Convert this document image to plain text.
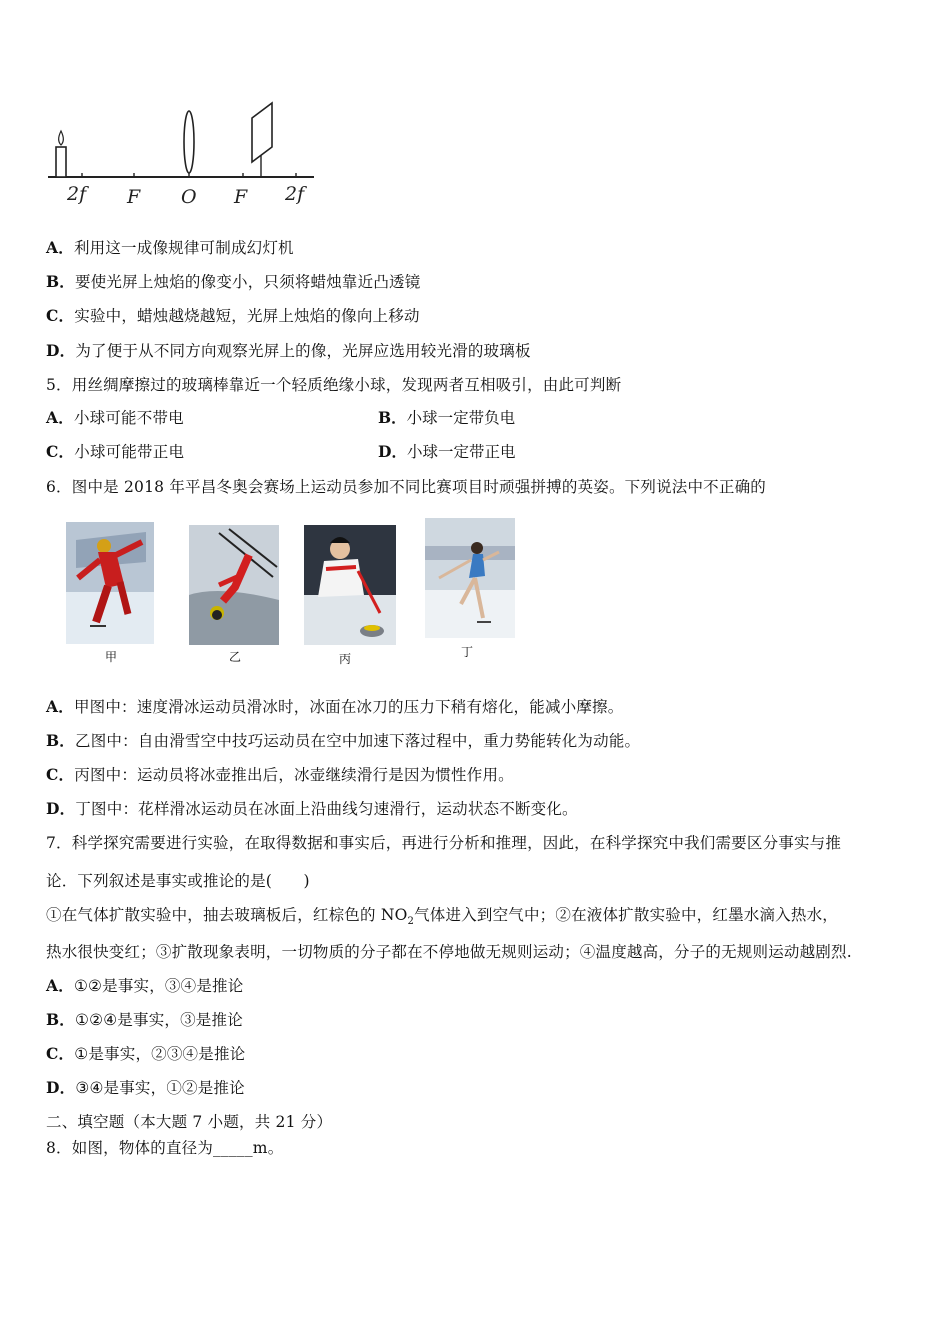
2f F O F 2f
A．利用这一成像规律可制成幻灯机
B．要使光屏上烛焰的像变小，只须将蜡烛靠近凸透镜
C．实验中，蜡烛越烧越短，光屏上烛焰的像向上移动
D．为了便于从不同方向观察光屏上的像，光屏应选用较光滑的玻璃板
5．用丝绸摩擦过的玻璃棒靠近一个轻质绝缘小球，发现两者互相吸引，由此可判断
A．小球可能不带电	B．小球一定带负电
C．小球可能带正电	D．小球一定带正电
6．图中是 2018 年平昌冬奥会赛场上运动员参加不同比赛项目时顽强拼搏的英姿。下列说法中不正确的
甲	乙	丙	丁
A．甲图中：速度滑冰运动员滑冰时，冰面在冰刀的压力下稍有熔化，能减小摩擦。
B．乙图中：自由滑雪空中技巧运动员在空中加速下落过程中，重力势能转化为动能。
C．丙图中：运动员将冰壶推出后，冰壶继续滑行是因为惯性作用。
D．丁图中：花样滑冰运动员在冰面上沿曲线匀速滑行，运动状态不断变化。
7．科学探究需要进行实验，在取得数据和事实后，再进行分析和推理，因此，在科学探究中我们需要区分事实与推
论．下列叙述是事实或推论的是(　　)
①在气体扩散实验中，抽去玻璃板后，红棕色的 $NO_2$气体进入到空气中；②在液体扩散实验中，红墨水滴入热水，
热水很快变红；③扩散现象表明，一切物质的分子都在不停地做无规则运动；④温度越高，分子的无规则运动越剧烈.
A．①②是事实，③④是推论
B．①②④是事实，③是推论
C．①是事实，②③④是推论
D．③④是事实，①②是推论
二、填空题（本大题 7 小题，共 21 分）
8．如图，物体的直径为_____m。
